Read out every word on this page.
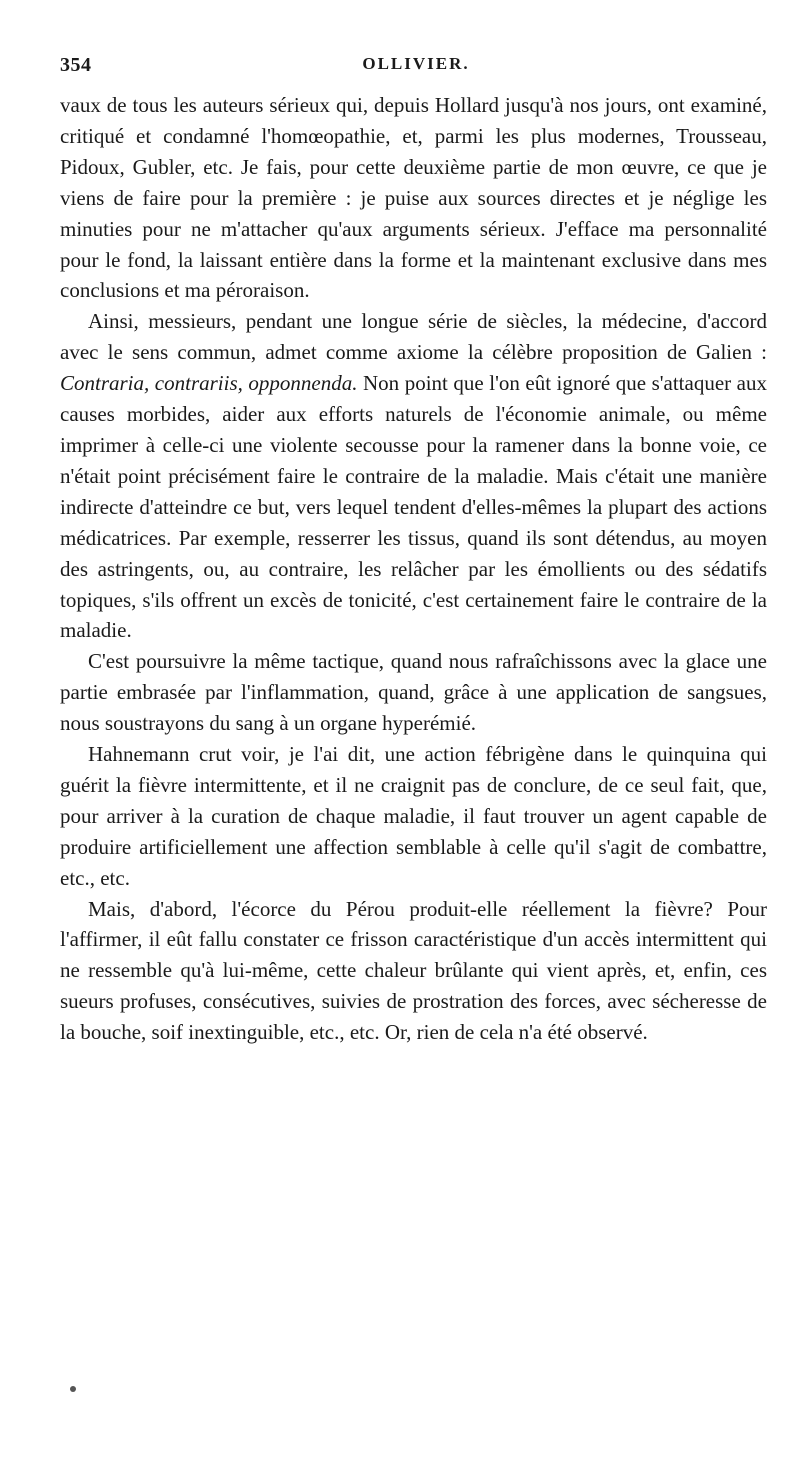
354	OLLIVIER.

vaux de tous les auteurs sérieux qui, depuis Hollard jusqu'à nos jours, ont examiné, critiqué et condamné l'homœopathie, et, parmi les plus modernes, Trousseau, Pidoux, Gubler, etc. Je fais, pour cette deuxième partie de mon œuvre, ce que je viens de faire pour la première : je puise aux sources directes et je néglige les minuties pour ne m'attacher qu'aux arguments sérieux. J'efface ma personnalité pour le fond, la laissant entière dans la forme et la maintenant exclusive dans mes conclusions et ma péroraison.

Ainsi, messieurs, pendant une longue série de siècles, la médecine, d'accord avec le sens commun, admet comme axiome la célèbre proposition de Galien : Contraria, contrariis, opponnenda. Non point que l'on eût ignoré que s'attaquer aux causes morbides, aider aux efforts naturels de l'économie animale, ou même imprimer à celle-ci une violente secousse pour la ramener dans la bonne voie, ce n'était point précisément faire le contraire de la maladie. Mais c'était une manière indirecte d'atteindre ce but, vers lequel tendent d'elles-mêmes la plupart des actions médicatrices. Par exemple, resserrer les tissus, quand ils sont détendus, au moyen des astringents, ou, au contraire, les relâcher par les émollients ou des sédatifs topiques, s'ils offrent un excès de tonicité, c'est certainement faire le contraire de la maladie.

C'est poursuivre la même tactique, quand nous rafraîchissons avec la glace une partie embrasée par l'inflammation, quand, grâce à une application de sangsues, nous soustrayons du sang à un organe hyperémié.

Hahnemann crut voir, je l'ai dit, une action fébrigène dans le quinquina qui guérit la fièvre intermittente, et il ne craignit pas de conclure, de ce seul fait, que, pour arriver à la curation de chaque maladie, il faut trouver un agent capable de produire artificiellement une affection semblable à celle qu'il s'agit de combattre, etc., etc.

Mais, d'abord, l'écorce du Pérou produit-elle réellement la fièvre? Pour l'affirmer, il eût fallu constater ce frisson caractéristique d'un accès intermittent qui ne ressemble qu'à lui-même, cette chaleur brûlante qui vient après, et, enfin, ces sueurs profuses, consécutives, suivies de prostration des forces, avec sécheresse de la bouche, soif inextinguible, etc., etc. Or, rien de cela n'a été observé.
